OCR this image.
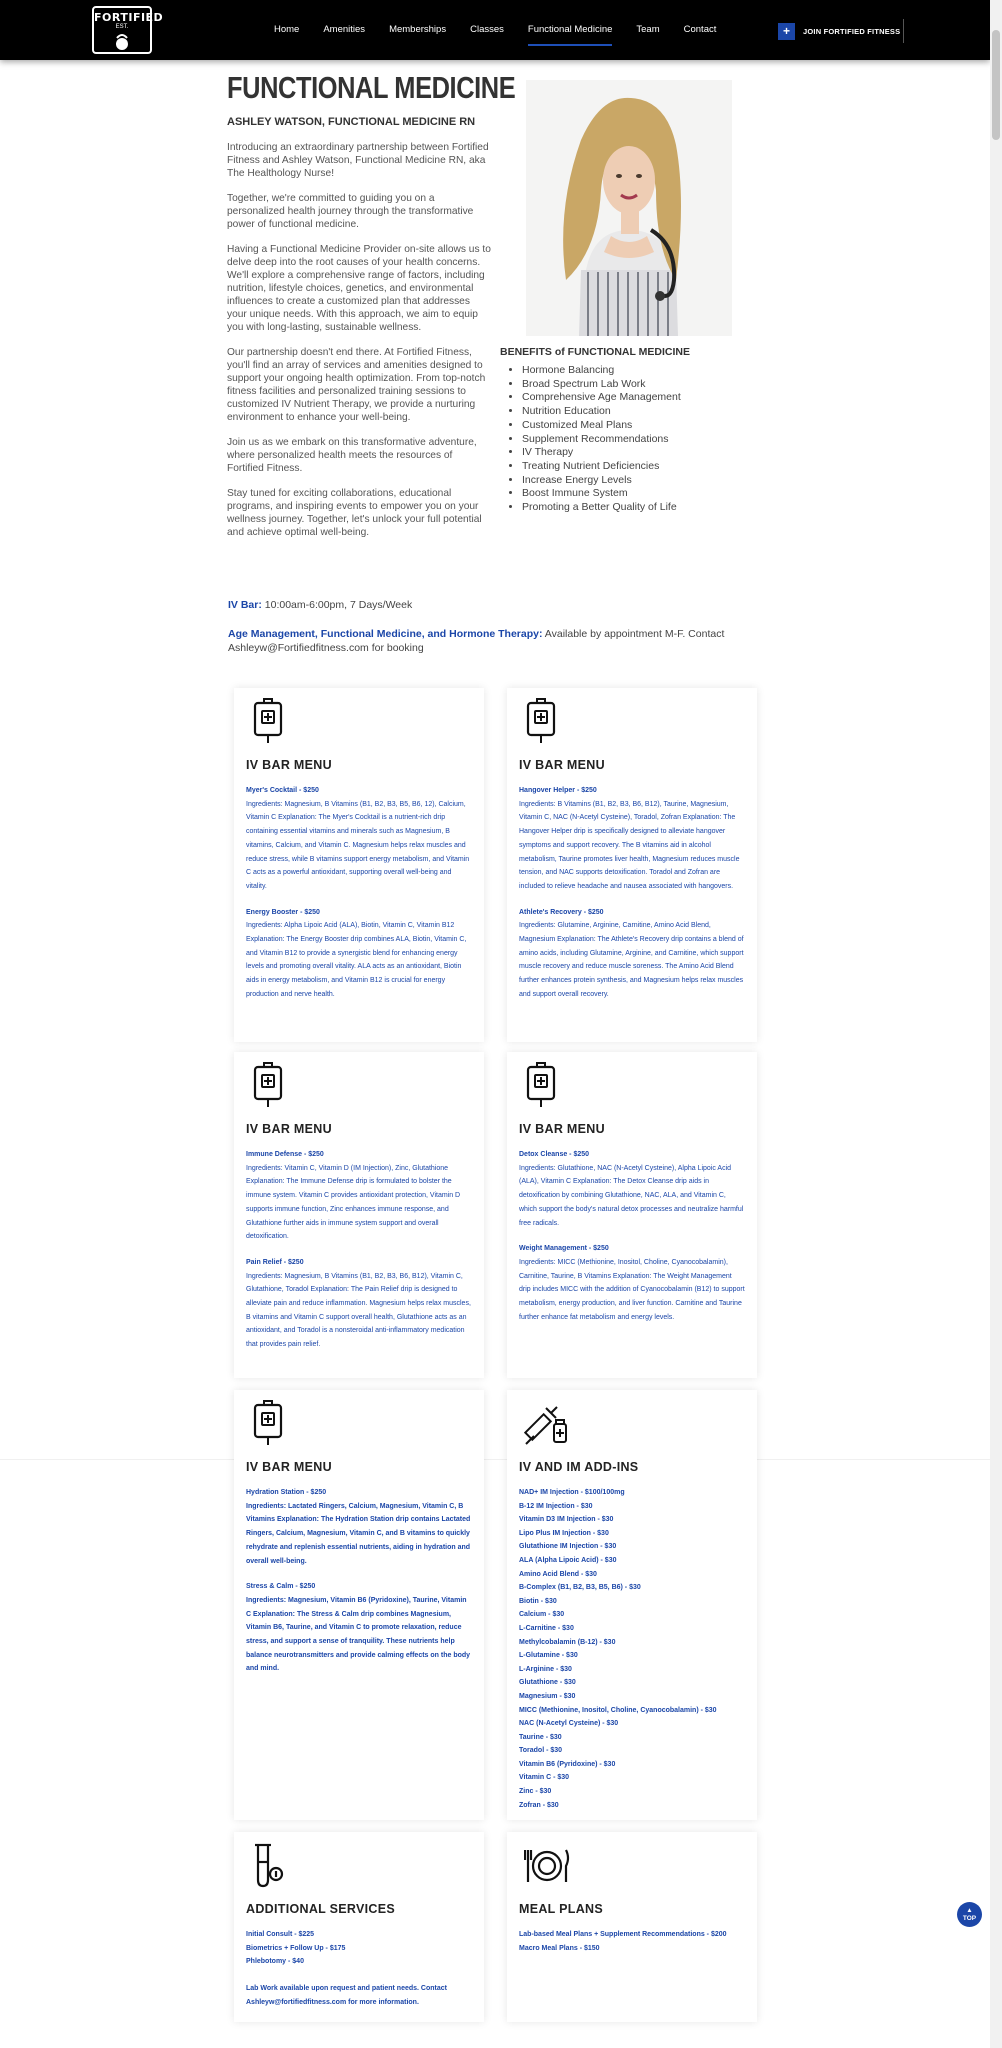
FORTIFIED
EST.	Home	Amenities	Memberships	Classes	Functional Medicine	Team	Contact	+	JOIN FORTIFIED FITNESS
FUNCTIONAL MEDICINE
ASHLEY WATSON, FUNCTIONAL MEDICINE RN

Introducing an extraordinary partnership between Fortified Fitness and Ashley Watson, Functional Medicine RN, aka The Healthology Nurse!

Together, we're committed to guiding you on a personalized health journey through the transformative power of functional medicine.

Having a Functional Medicine Provider on-site allows us to delve deep into the root causes of your health concerns. We'll explore a comprehensive range of factors, including nutrition, lifestyle choices, genetics, and environmental influences to create a customized plan that addresses your unique needs. With this approach, we aim to equip you with long-lasting, sustainable wellness.

Our partnership doesn't end there. At Fortified Fitness, you'll find an array of services and amenities designed to support your ongoing health optimization. From top-notch fitness facilities and personalized training sessions to customized IV Nutrient Therapy, we provide a nurturing environment to enhance your well-being.

Join us as we embark on this transformative adventure, where personalized health meets the resources of Fortified Fitness.

Stay tuned for exciting collaborations, educational programs, and inspiring events to empower you on your wellness journey. Together, let's unlock your full potential and achieve optimal well-being.

BENEFITS of FUNCTIONAL MEDICINE
• Hormone Balancing
• Broad Spectrum Lab Work
• Comprehensive Age Management
• Nutrition Education
• Customized Meal Plans
• Supplement Recommendations
• IV Therapy
• Treating Nutrient Deficiencies
• Increase Energy Levels
• Boost Immune System
• Promoting a Better Quality of Life
IV Bar: 10:00am-6:00pm, 7 Days/Week
Age Management, Functional Medicine, and Hormone Therapy: Available by appointment M-F. Contact Ashleyw@Fortifiedfitness.com for booking
IV BAR MENU
Myer's Cocktail - $250
Ingredients: Magnesium, B Vitamins (B1, B2, B3, B5, B6, 12), Calcium, Vitamin C Explanation: The Myer's Cocktail is a nutrient-rich drip containing essential vitamins and minerals such as Magnesium, B vitamins, Calcium, and Vitamin C. Magnesium helps relax muscles and reduce stress, while B vitamins support energy metabolism, and Vitamin C acts as a powerful antioxidant, supporting overall well-being and vitality.
Energy Booster - $250
Ingredients: Alpha Lipoic Acid (ALA), Biotin, Vitamin C, Vitamin B12 Explanation: The Energy Booster drip combines ALA, Biotin, Vitamin C, and Vitamin B12 to provide a synergistic blend for enhancing energy levels and promoting overall vitality. ALA acts as an antioxidant, Biotin aids in energy metabolism, and Vitamin B12 is crucial for energy production and nerve health.
IV BAR MENU
Hangover Helper - $250
Ingredients: B Vitamins (B1, B2, B3, B6, B12), Taurine, Magnesium, Vitamin C, NAC (N-Acetyl Cysteine), Toradol, Zofran Explanation: The Hangover Helper drip is specifically designed to alleviate hangover symptoms and support recovery. The B vitamins aid in alcohol metabolism, Taurine promotes liver health, Magnesium reduces muscle tension, and NAC supports detoxification. Toradol and Zofran are included to relieve headache and nausea associated with hangovers.
Athlete's Recovery - $250
Ingredients: Glutamine, Arginine, Carnitine, Amino Acid Blend, Magnesium Explanation: The Athlete's Recovery drip contains a blend of amino acids, including Glutamine, Arginine, and Carnitine, which support muscle recovery and reduce muscle soreness. The Amino Acid Blend further enhances protein synthesis, and Magnesium helps relax muscles and support overall recovery.
IV BAR MENU
Immune Defense - $250
Ingredients: Vitamin C, Vitamin D (IM Injection), Zinc, Glutathione Explanation: The Immune Defense drip is formulated to bolster the immune system. Vitamin C provides antioxidant protection, Vitamin D supports immune function, Zinc enhances immune response, and Glutathione further aids in immune system support and overall detoxification.
Pain Relief - $250
Ingredients: Magnesium, B Vitamins (B1, B2, B3, B6, B12), Vitamin C, Glutathione, Toradol Explanation: The Pain Relief drip is designed to alleviate pain and reduce inflammation. Magnesium helps relax muscles, B vitamins and Vitamin C support overall health, Glutathione acts as an antioxidant, and Toradol is a nonsteroidal anti-inflammatory medication that provides pain relief.
IV BAR MENU
Detox Cleanse - $250
Ingredients: Glutathione, NAC (N-Acetyl Cysteine), Alpha Lipoic Acid (ALA), Vitamin C Explanation: The Detox Cleanse drip aids in detoxification by combining Glutathione, NAC, ALA, and Vitamin C, which support the body's natural detox processes and neutralize harmful free radicals.
Weight Management - $250
Ingredients: MICC (Methionine, Inositol, Choline, Cyanocobalamin), Carnitine, Taurine, B Vitamins Explanation: The Weight Management drip includes MICC with the addition of Cyanocobalamin (B12) to support metabolism, energy production, and liver function. Carnitine and Taurine further enhance fat metabolism and energy levels.
IV BAR MENU
Hydration Station - $250
Ingredients: Lactated Ringers, Calcium, Magnesium, Vitamin C, B Vitamins Explanation: The Hydration Station drip contains Lactated Ringers, Calcium, Magnesium, Vitamin C, and B vitamins to quickly rehydrate and replenish essential nutrients, aiding in hydration and overall well-being.
Stress & Calm - $250
Ingredients: Magnesium, Vitamin B6 (Pyridoxine), Taurine, Vitamin C Explanation: The Stress & Calm drip combines Magnesium, Vitamin B6, Taurine, and Vitamin C to promote relaxation, reduce stress, and support a sense of tranquility. These nutrients help balance neurotransmitters and provide calming effects on the body and mind.
IV AND IM ADD-INS
NAD+ IM Injection - $100/100mg
B-12 IM Injection - $30
Vitamin D3 IM Injection - $30
Lipo Plus IM Injection - $30
Glutathione IM Injection - $30
ALA (Alpha Lipoic Acid) - $30
Amino Acid Blend - $30
B-Complex (B1, B2, B3, B5, B6) - $30
Biotin - $30
Calcium - $30
L-Carnitine - $30
Methylcobalamin (B-12) - $30
L-Glutamine - $30
L-Arginine - $30
Glutathione - $30
Magnesium - $30
MICC (Methionine, Inositol, Choline, Cyanocobalamin) - $30
NAC (N-Acetyl Cysteine) - $30
Taurine - $30
Toradol - $30
Vitamin B6 (Pyridoxine) - $30
Vitamin C - $30
Zinc - $30
Zofran - $30
ADDITIONAL SERVICES
Initial Consult - $225
Biometrics + Follow Up - $175
Phlebotomy - $40
Lab Work available upon request and patient needs. Contact Ashleyw@fortifiedfitness.com for more information.
MEAL PLANS
Lab-based Meal Plans + Supplement Recommendations - $200
Macro Meal Plans - $150
▲
TOP
